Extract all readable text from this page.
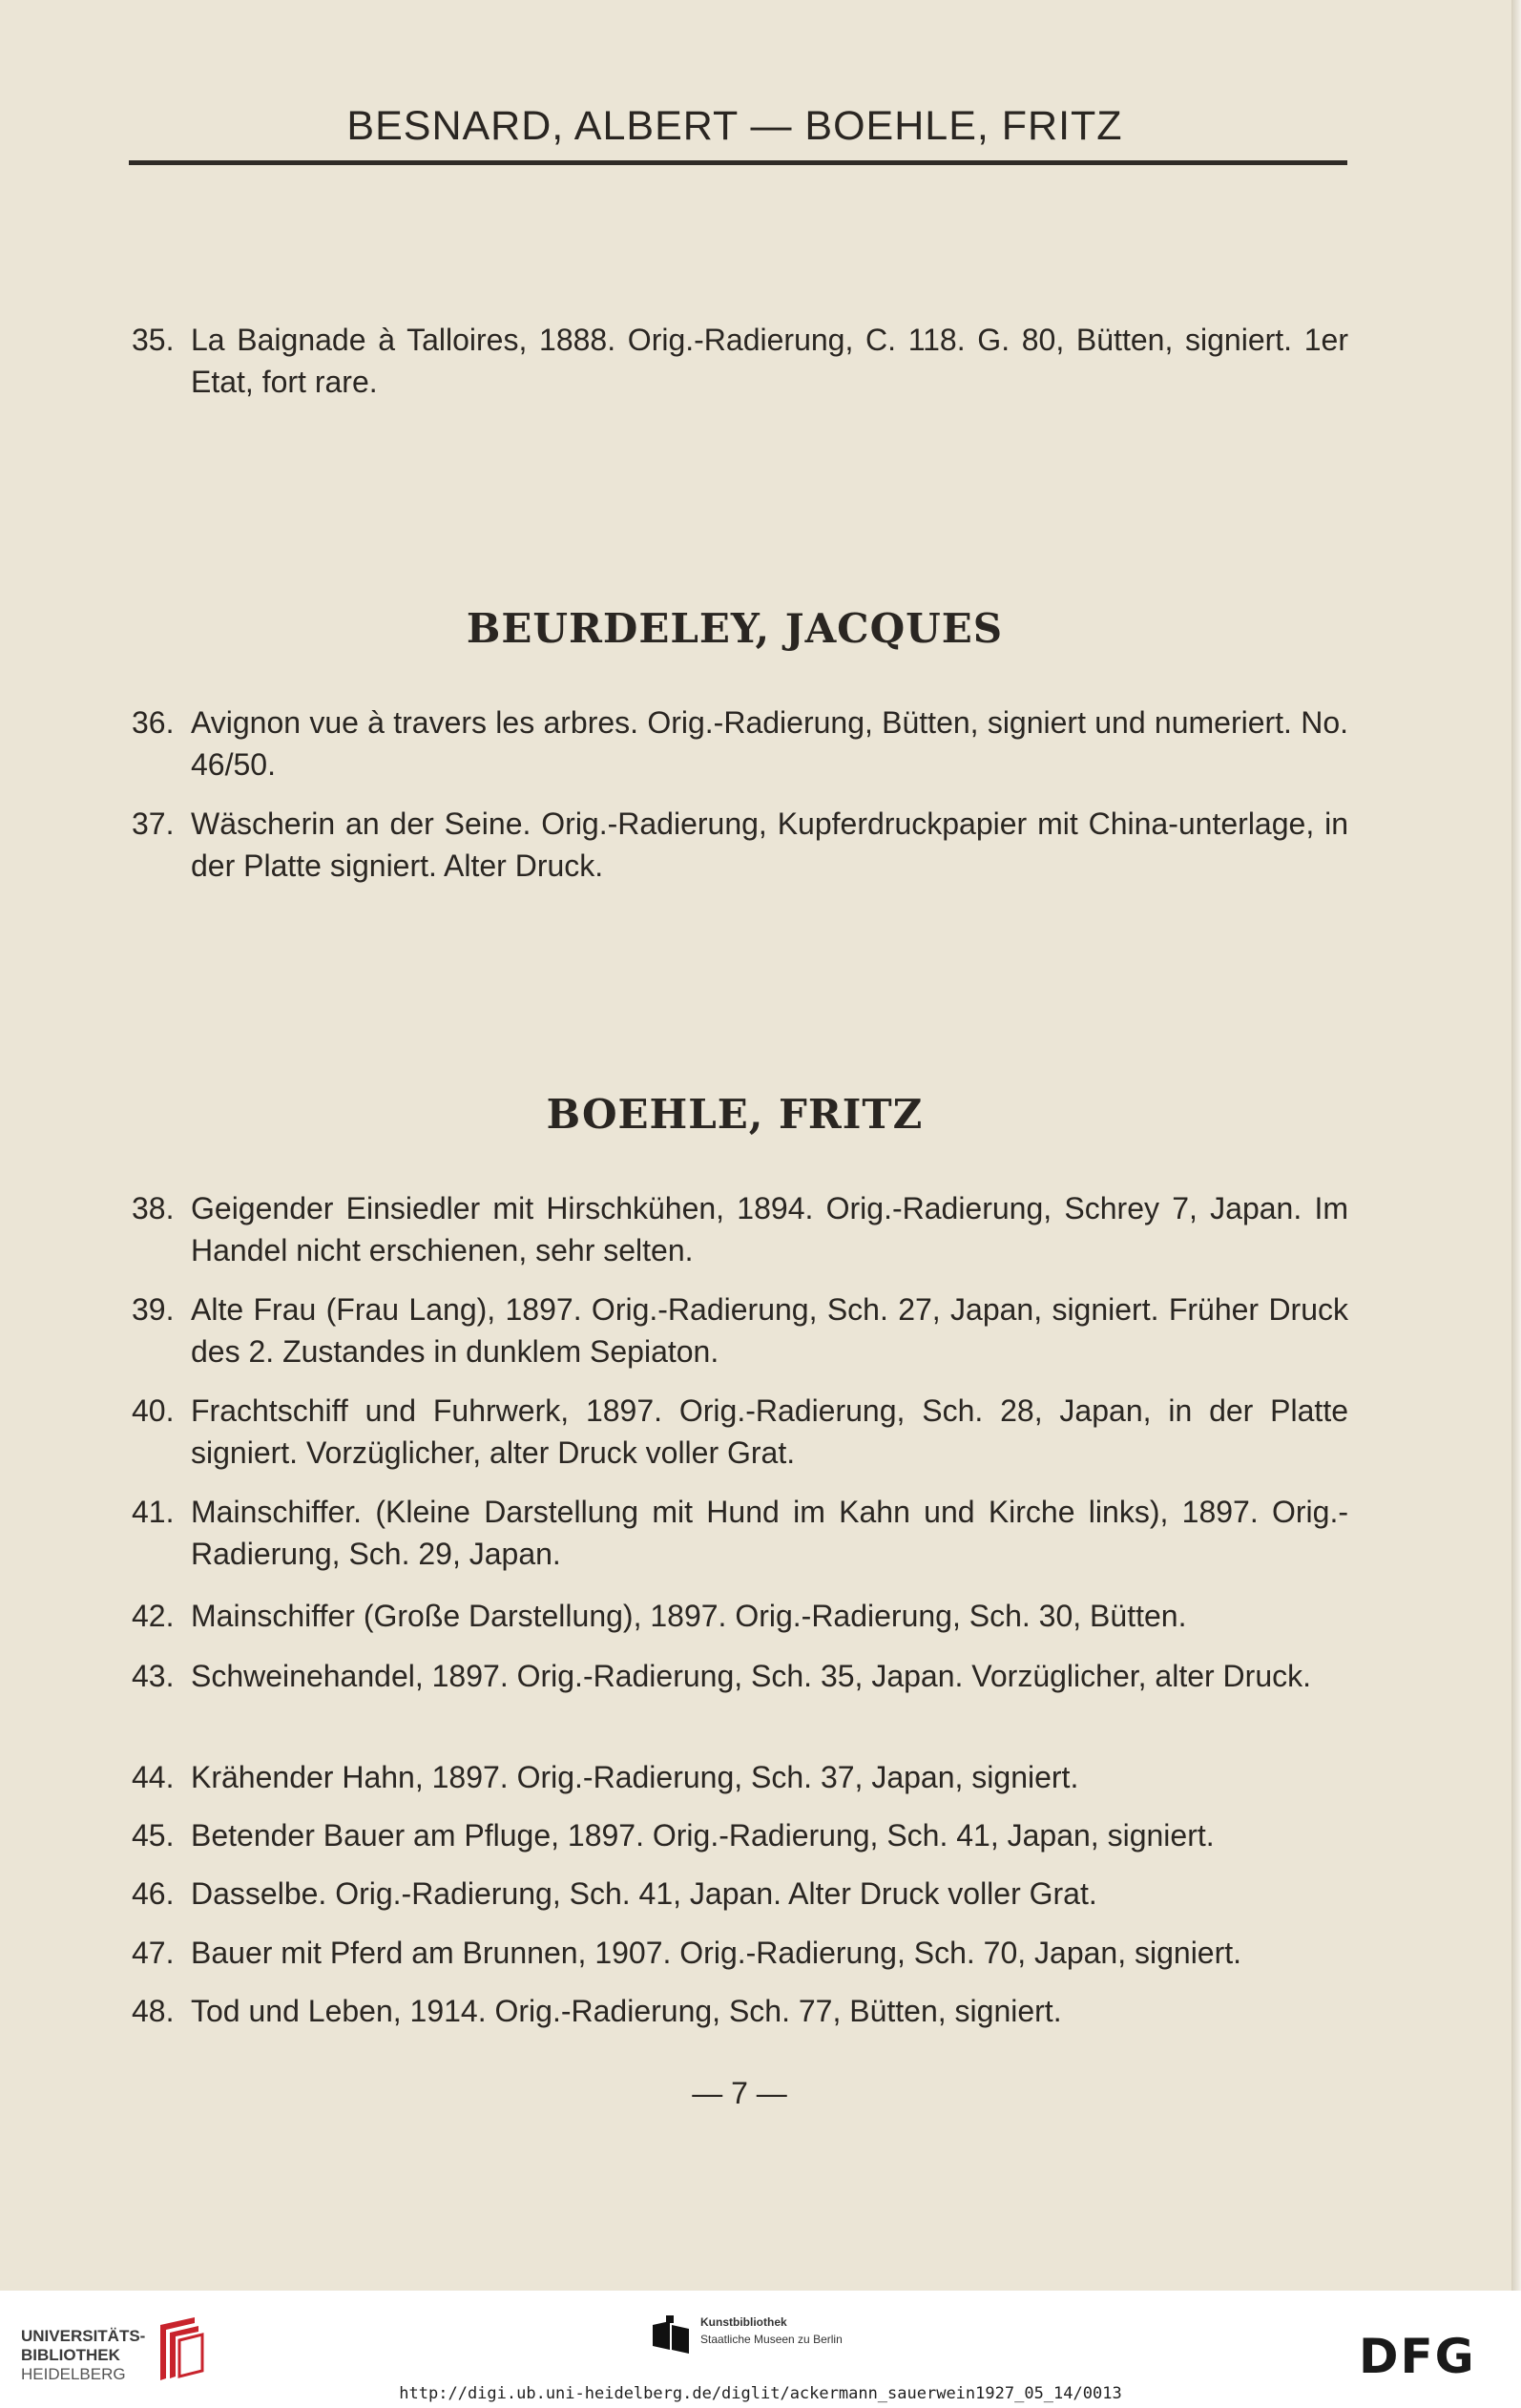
BESNARD, ALBERT — BOEHLE, FRITZ
35. La Baignade à Talloires, 1888. Orig.-Radierung, C. 118. G. 80, Bütten, signiert. 1er Etat, fort rare.
BEURDELEY, JACQUES
36. Avignon vue à travers les arbres. Orig.-Radierung, Bütten, signiert und numeriert. No. 46/50.
37. Wäscherin an der Seine. Orig.-Radierung, Kupferdruckpapier mit China-unterlage, in der Platte signiert. Alter Druck.
BOEHLE, FRITZ
38. Geigender Einsiedler mit Hirschkühen, 1894. Orig.-Radierung, Schrey 7, Japan. Im Handel nicht erschienen, sehr selten.
39. Alte Frau (Frau Lang), 1897. Orig.-Radierung, Sch. 27, Japan, signiert. Früher Druck des 2. Zustandes in dunklem Sepiaton.
40. Frachtschiff und Fuhrwerk, 1897. Orig.-Radierung, Sch. 28, Japan, in der Platte signiert. Vorzüglicher, alter Druck voller Grat.
41. Mainschiffer. (Kleine Darstellung mit Hund im Kahn und Kirche links), 1897. Orig.-Radierung, Sch. 29, Japan.
42. Mainschiffer (Große Darstellung), 1897. Orig.-Radierung, Sch. 30, Bütten.
43. Schweinehandel, 1897. Orig.-Radierung, Sch. 35, Japan. Vorzüglicher, alter Druck.
44. Krähender Hahn, 1897. Orig.-Radierung, Sch. 37, Japan, signiert.
45. Betender Bauer am Pfluge, 1897. Orig.-Radierung, Sch. 41, Japan, signiert.
46. Dasselbe. Orig.-Radierung, Sch. 41, Japan. Alter Druck voller Grat.
47. Bauer mit Pferd am Brunnen, 1907. Orig.-Radierung, Sch. 70, Japan, signiert.
48. Tod und Leben, 1914. Orig.-Radierung, Sch. 77, Bütten, signiert.
— 7 —
UNIVERSITÄTS-
BIBLIOTHEK
HEIDELBERG
Kunstbibliothek
Staatliche Museen zu Berlin	DFG
http://digi.ub.uni-heidelberg.de/diglit/ackermann_sauerwein1927_05_14/0013
